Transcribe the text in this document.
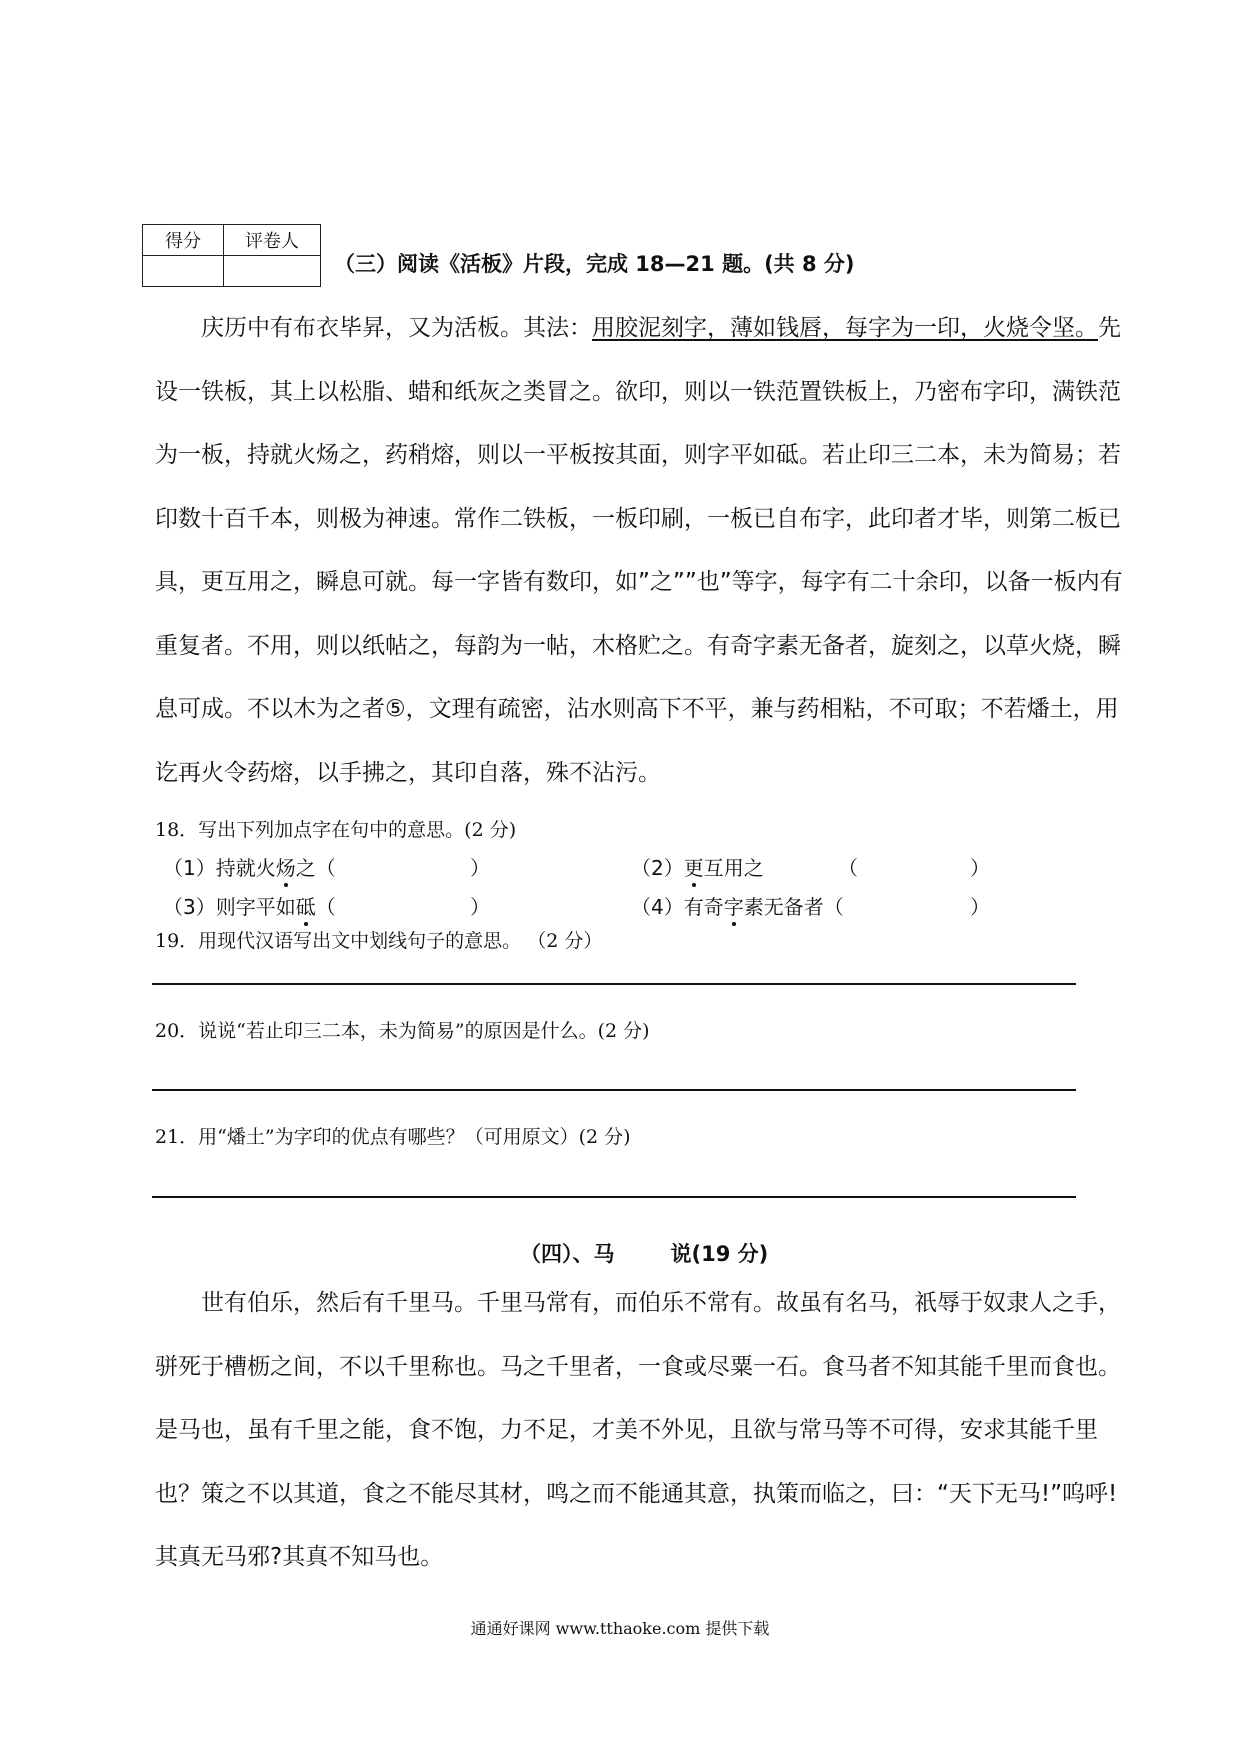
得分	评卷人

（三）阅读《活板》片段，完成 18—21 题。(共 8 分)

庆历中有布衣毕昇，又为活板。其法：用胶泥刻字，薄如钱唇，每字为一印，火烧令坚。先设一铁板，其上以松脂、蜡和纸灰之类冒之。欲印，则以一铁范置铁板上，乃密布字印，满铁范为一板，持就火炀之，药稍熔，则以一平板按其面，则字平如砥。若止印三二本，未为简易；若印数十百千本，则极为神速。常作二铁板，一板印刷，一板已自布字，此印者才毕，则第二板已具，更互用之，瞬息可就。每一字皆有数印，如”之””也”等字，每字有二十余印，以备一板内有重复者。不用，则以纸帖之，每韵为一帖，木格贮之。有奇字素无备者，旋刻之，以草火烧，瞬息可成。不以木为之者⑤，文理有疏密，沾水则高下不平，兼与药相粘，不可取；不若燔土，用讫再火令药熔，以手拂之，其印自落，殊不沾污。

18．写出下列加点字在句中的意思。(2 分)
（1）持就火炀之（	）	（2）更互用之	（	）
（3）则字平如砥（	）	（4）有奇字素无备者（	）
19．用现代汉语写出文中划线句子的意思。 （2 分）
20．说说“若止印三二本，未为简易”的原因是什么。(2 分)
21．用“燔土”为字印的优点有哪些？（可用原文）(2 分)
（四）、马	说(19 分)

世有伯乐，然后有千里马。千里马常有，而伯乐不常有。故虽有名马，祇辱于奴隶人之手，骈死于槽枥之间，不以千里称也。马之千里者，一食或尽粟一石。食马者不知其能千里而食也。是马也，虽有千里之能，食不饱，力不足，才美不外见，且欲与常马等不可得，安求其能千里也？策之不以其道，食之不能尽其材，鸣之而不能通其意，执策而临之，曰：“天下无马!”呜呼!其真无马邪?其真不知马也。

通通好课网 www.tthaoke.com 提供下载
